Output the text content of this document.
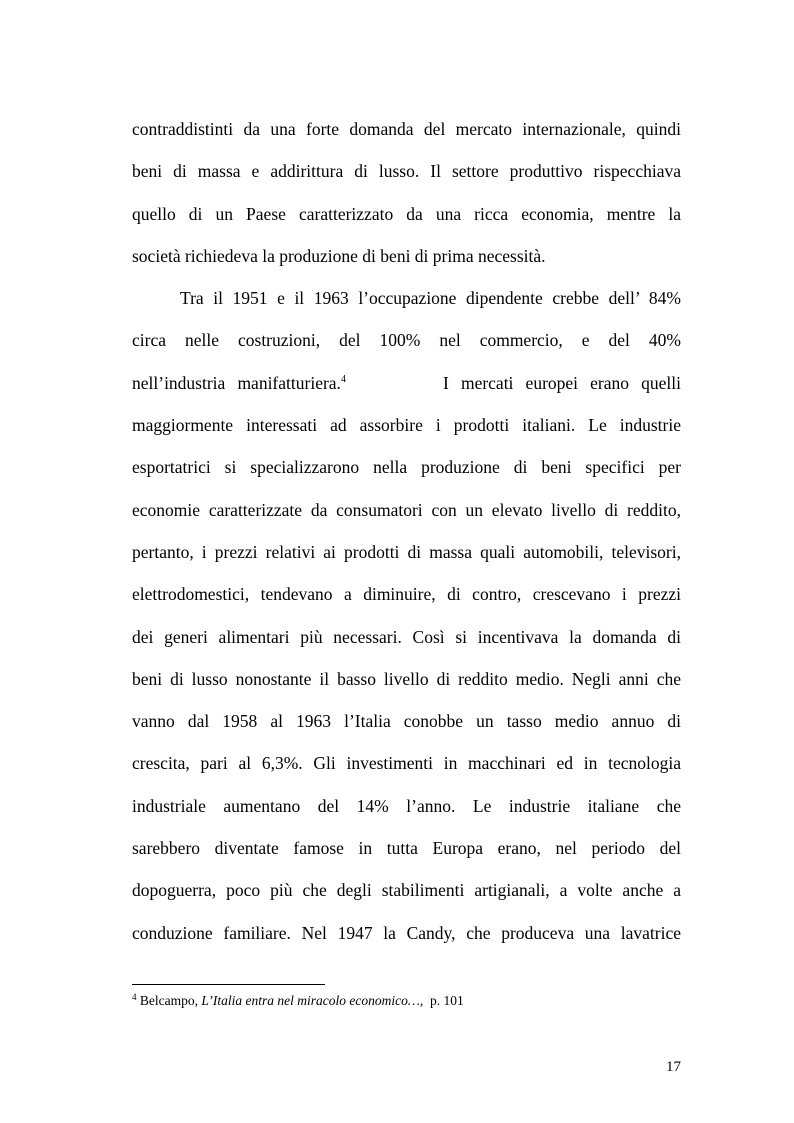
contraddistinti da una forte domanda del mercato internazionale, quindi
beni di massa e addirittura di lusso. Il settore produttivo rispecchiava
quello di un Paese caratterizzato da una ricca economia, mentre la
società richiedeva la produzione di beni di prima necessità.
Tra il 1951 e il 1963 l’occupazione dipendente crebbe dell’ 84%
circa nelle costruzioni, del 100% nel commercio, e del 40%
nell’industria manifatturiera.$^4$	I mercati europei erano quelli
maggiormente interessati ad assorbire i prodotti italiani. Le industrie
esportatrici si specializzarono nella produzione di beni specifici per
economie caratterizzate da consumatori con un elevato livello di reddito,
pertanto, i prezzi relativi ai prodotti di massa quali automobili, televisori,
elettrodomestici, tendevano a diminuire, di contro, crescevano i prezzi
dei generi alimentari più necessari. Così si incentivava la domanda di
beni di lusso nonostante il basso livello di reddito medio. Negli anni che
vanno dal 1958 al 1963 l’Italia conobbe un tasso medio annuo di
crescita, pari al 6,3%. Gli investimenti in macchinari ed in tecnologia
industriale aumentano del 14% l’anno. Le industrie italiane che
sarebbero diventate famose in tutta Europa erano, nel periodo del
dopoguerra, poco più che degli stabilimenti artigianali, a volte anche a
conduzione familiare. Nel 1947 la Candy, che produceva una lavatrice
$^4$ Belcampo, L’Italia entra nel miracolo economico…, p. 101
17
